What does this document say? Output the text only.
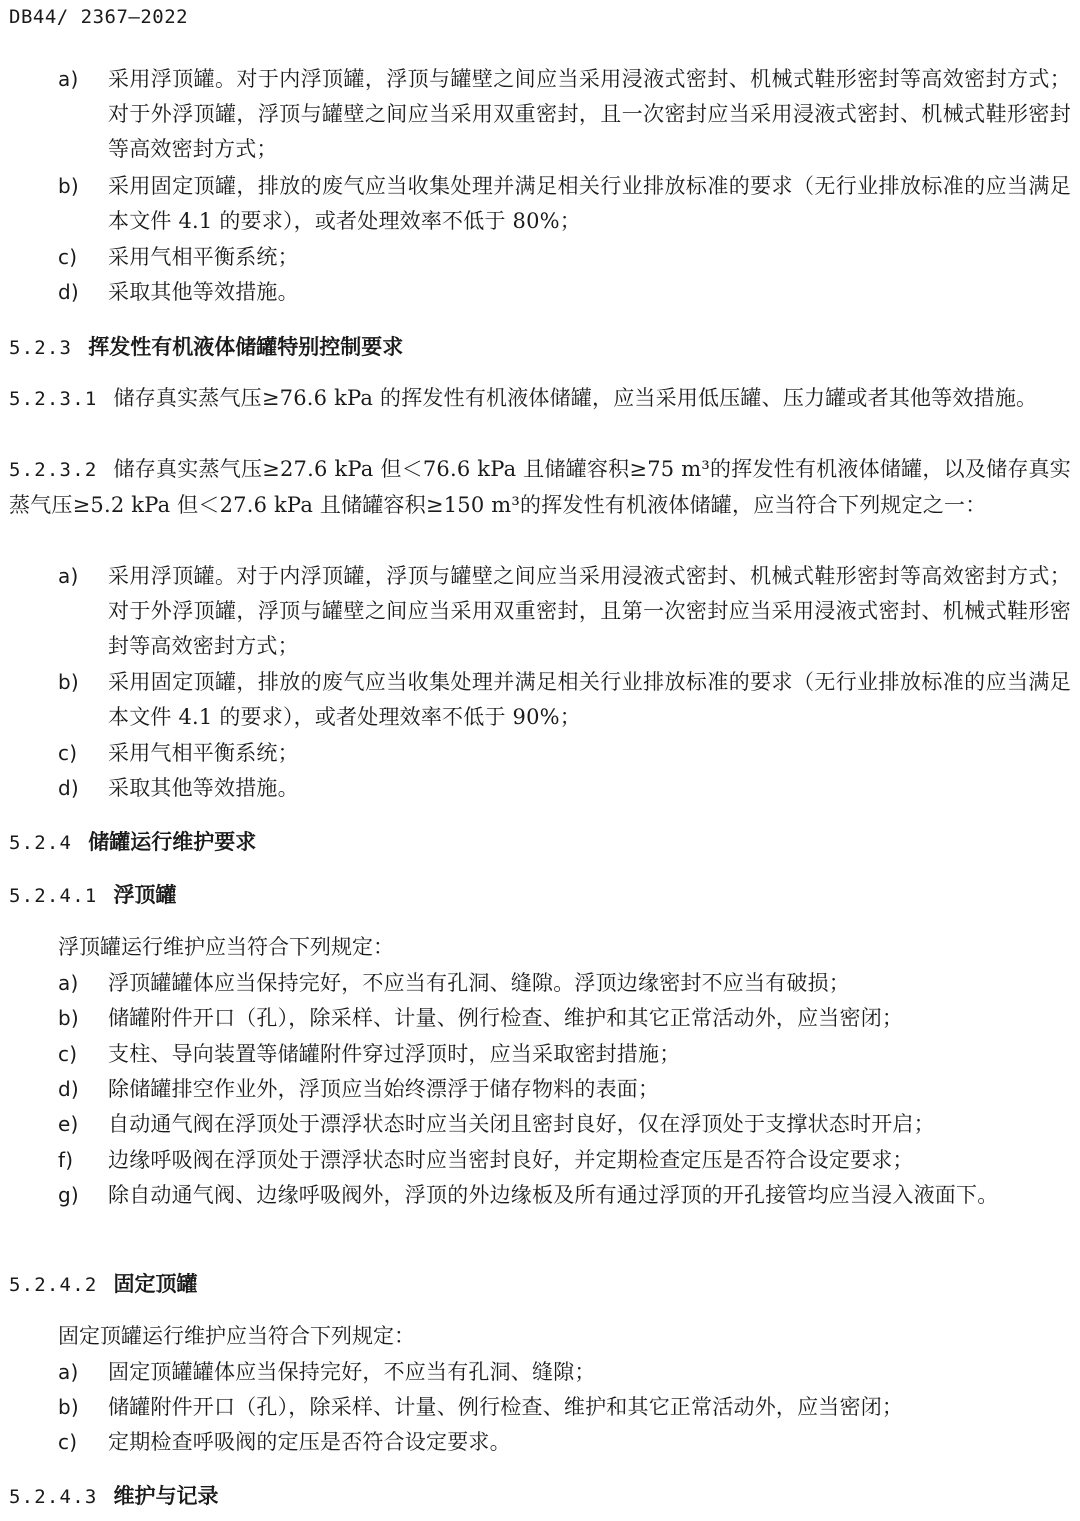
DB44/ 2367—2022
a)	采用浮顶罐。对于内浮顶罐，浮顶与罐壁之间应当采用浸液式密封、机械式鞋形密封等高效密封方式；对于外浮顶罐，浮顶与罐壁之间应当采用双重密封，且一次密封应当采用浸液式密封、机械式鞋形密封等高效密封方式；
b)	采用固定顶罐，排放的废气应当收集处理并满足相关行业排放标准的要求（无行业排放标准的应当满足本文件 4.1 的要求），或者处理效率不低于 80%；
c)	采用气相平衡系统；
d)	采取其他等效措施。
5.2.3 挥发性有机液体储罐特别控制要求
5.2.3.1 储存真实蒸气压≥76.6 kPa 的挥发性有机液体储罐，应当采用低压罐、压力罐或者其他等效措施。
5.2.3.2 储存真实蒸气压≥27.6 kPa 但＜76.6 kPa 且储罐容积≥75 m³的挥发性有机液体储罐，以及储存真实蒸气压≥5.2 kPa 但＜27.6 kPa 且储罐容积≥150 m³的挥发性有机液体储罐，应当符合下列规定之一：
a)	采用浮顶罐。对于内浮顶罐，浮顶与罐壁之间应当采用浸液式密封、机械式鞋形密封等高效密封方式；对于外浮顶罐，浮顶与罐壁之间应当采用双重密封，且第一次密封应当采用浸液式密封、机械式鞋形密封等高效密封方式；
b)	采用固定顶罐，排放的废气应当收集处理并满足相关行业排放标准的要求（无行业排放标准的应当满足本文件 4.1 的要求），或者处理效率不低于 90%；
c)	采用气相平衡系统；
d)	采取其他等效措施。
5.2.4 储罐运行维护要求
5.2.4.1 浮顶罐
浮顶罐运行维护应当符合下列规定：
a)	浮顶罐罐体应当保持完好，不应当有孔洞、缝隙。浮顶边缘密封不应当有破损；
b)	储罐附件开口（孔），除采样、计量、例行检查、维护和其它正常活动外，应当密闭；
c)	支柱、导向装置等储罐附件穿过浮顶时，应当采取密封措施；
d)	除储罐排空作业外，浮顶应当始终漂浮于储存物料的表面；
e)	自动通气阀在浮顶处于漂浮状态时应当关闭且密封良好，仅在浮顶处于支撑状态时开启；
f)	边缘呼吸阀在浮顶处于漂浮状态时应当密封良好，并定期检查定压是否符合设定要求；
g)	除自动通气阀、边缘呼吸阀外，浮顶的外边缘板及所有通过浮顶的开孔接管均应当浸入液面下。
5.2.4.2 固定顶罐
固定顶罐运行维护应当符合下列规定：
a)	固定顶罐罐体应当保持完好，不应当有孔洞、缝隙；
b)	储罐附件开口（孔），除采样、计量、例行检查、维护和其它正常活动外，应当密闭；
c)	定期检查呼吸阀的定压是否符合设定要求。
5.2.4.3 维护与记录
